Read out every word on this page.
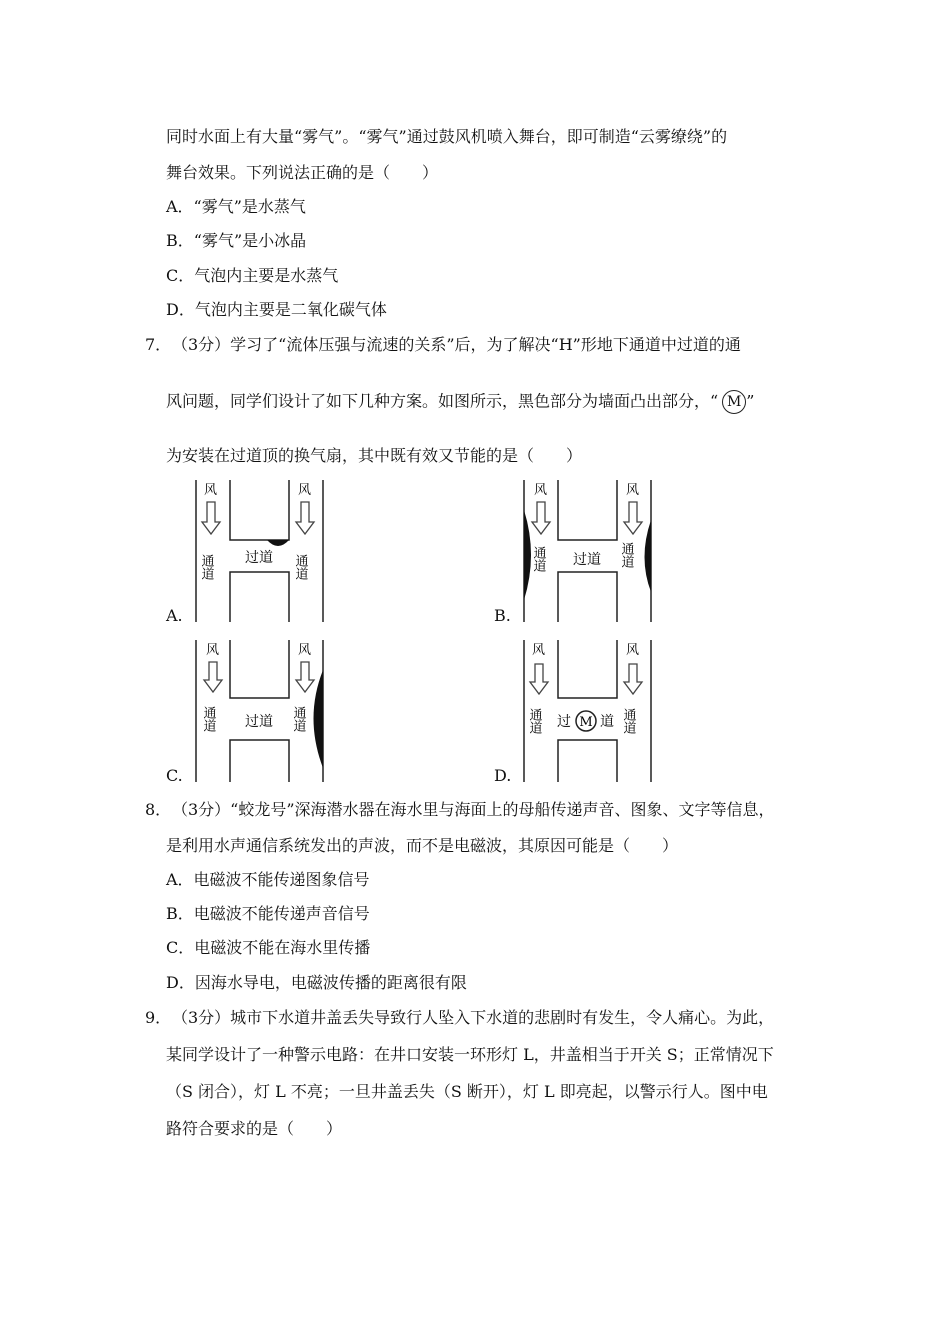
同时水面上有大量“雾气”。“雾气”通过鼓风机喷入舞台，即可制造“云雾缭绕”的
舞台效果。下列说法正确的是（　　）
A．“雾气”是水蒸气
B．“雾气”是小冰晶
C．气泡内主要是水蒸气
D．气泡内主要是二氧化碳气体
7． （3分）学习了“流体压强与流速的关系”后，为了解决“H”形地下通道中过道的通
风问题，同学们设计了如下几种方案。如图所示，黑色部分为墙面凸出部分，“ M ”
为安装在过道顶的换气扇，其中既有效又节能的是（　　）
A.
风	风
通道	通道
过道
B.
风	风
通道	通道
过道
C.
风	风
通道	通道
过道
D.
风	风
通道	通道
过 M 道
8． （3分）“蛟龙号”深海潜水器在海水里与海面上的母船传递声音、图象、文字等信息，
是利用水声通信系统发出的声波，而不是电磁波，其原因可能是（　　）
A．电磁波不能传递图象信号
B．电磁波不能传递声音信号
C．电磁波不能在海水里传播
D．因海水导电，电磁波传播的距离很有限
9． （3分）城市下水道井盖丢失导致行人坠入下水道的悲剧时有发生，令人痛心。为此，
某同学设计了一种警示电路：在井口安装一环形灯 L，井盖相当于开关 S；正常情况下
（S 闭合），灯 L 不亮；一旦井盖丢失（S 断开），灯 L 即亮起，以警示行人。图中电
路符合要求的是（　　）
